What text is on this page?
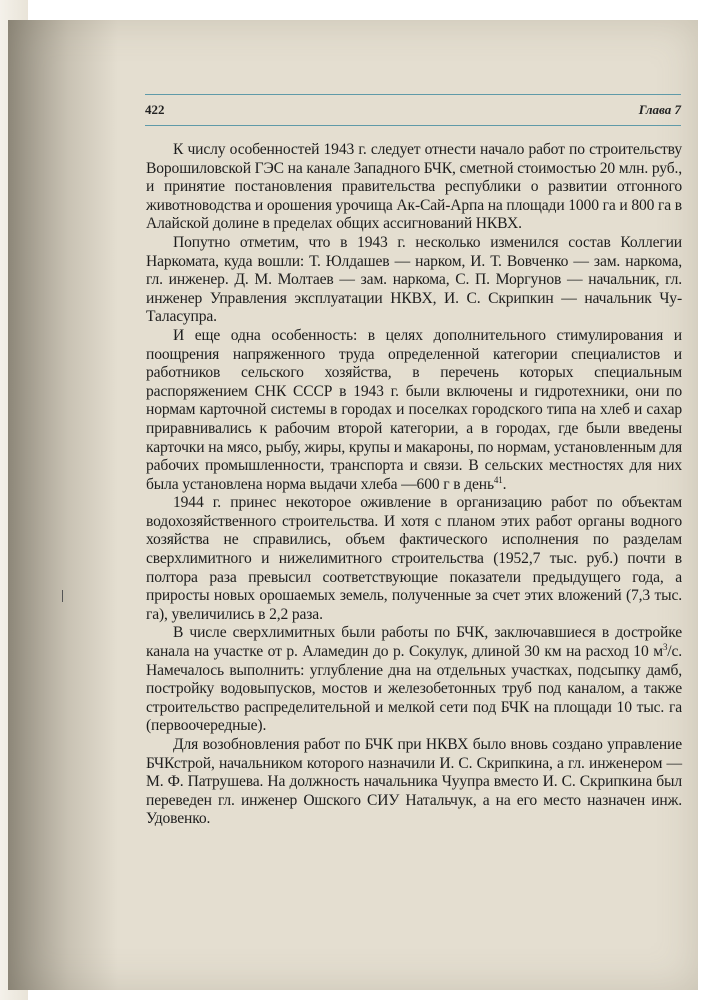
422	Глава 7

К числу особенностей 1943 г. следует отнести начало работ по строительству Ворошиловской ГЭС на канале Западного БЧК, сметной стоимостью 20 млн. руб., и принятие постановления правительства республики о развитии отгонного животноводства и орошения урочища Ак-Сай-Арпа на площади 1000 га и 800 га в Алайской долине в пределах общих ассигнований НКВХ.

Попутно отметим, что в 1943 г. несколько изменился состав Коллегии Наркомата, куда вошли: Т. Юлдашев — нарком, И. Т. Вовченко — зам. наркома, гл. инженер. Д. М. Молтаев — зам. наркома, С. П. Моргунов — начальник, гл. инженер Управления эксплуатации НКВХ, И. С. Скрипкин — начальник Чу-Таласупра.

И еще одна особенность: в целях дополнительного стимулирования и поощрения напряженного труда определенной категории специалистов и работников сельского хозяйства, в перечень которых специальным распоряжением СНК СССР в 1943 г. были включены и гидротехники, они по нормам карточной системы в городах и поселках городского типа на хлеб и сахар приравнивались к рабочим второй категории, а в городах, где были введены карточки на мясо, рыбу, жиры, крупы и макароны, по нормам, установленным для рабочих промышленности, транспорта и связи. В сельских местностях для них была установлена норма выдачи хлеба —600 г в день$^{41}$.

1944 г. принес некоторое оживление в организацию работ по объектам водохозяйственного строительства. И хотя с планом этих работ органы водного хозяйства не справились, объем фактического исполнения по разделам сверхлимитного и нижелимитного строительства (1952,7 тыс. руб.) почти в полтора раза превысил соответствующие показатели предыдущего года, а приросты новых орошаемых земель, полученные за счет этих вложений (7,3 тыс. га), увеличились в 2,2 раза.

В числе сверхлимитных были работы по БЧК, заключавшиеся в достройке канала на участке от р. Аламедин до р. Сокулук, длиной 30 км на расход 10 $м^3/с$. Намечалось выполнить: углубление дна на отдельных участках, подсыпку дамб, постройку водовыпусков, мостов и железобетонных труб под каналом, а также строительство распределительной и мелкой сети под БЧК на площади 10 тыс. га (первоочередные).

Для возобновления работ по БЧК при НКВХ было вновь создано управление БЧКстрой, начальником которого назначили И. С. Скрипкина, а гл. инженером — М. Ф. Патрушева. На должность начальника Чуупра вместо И. С. Скрипкина был переведен гл. инженер Ошского СИУ Натальчук, а на его место назначен инж. Удовенко.
